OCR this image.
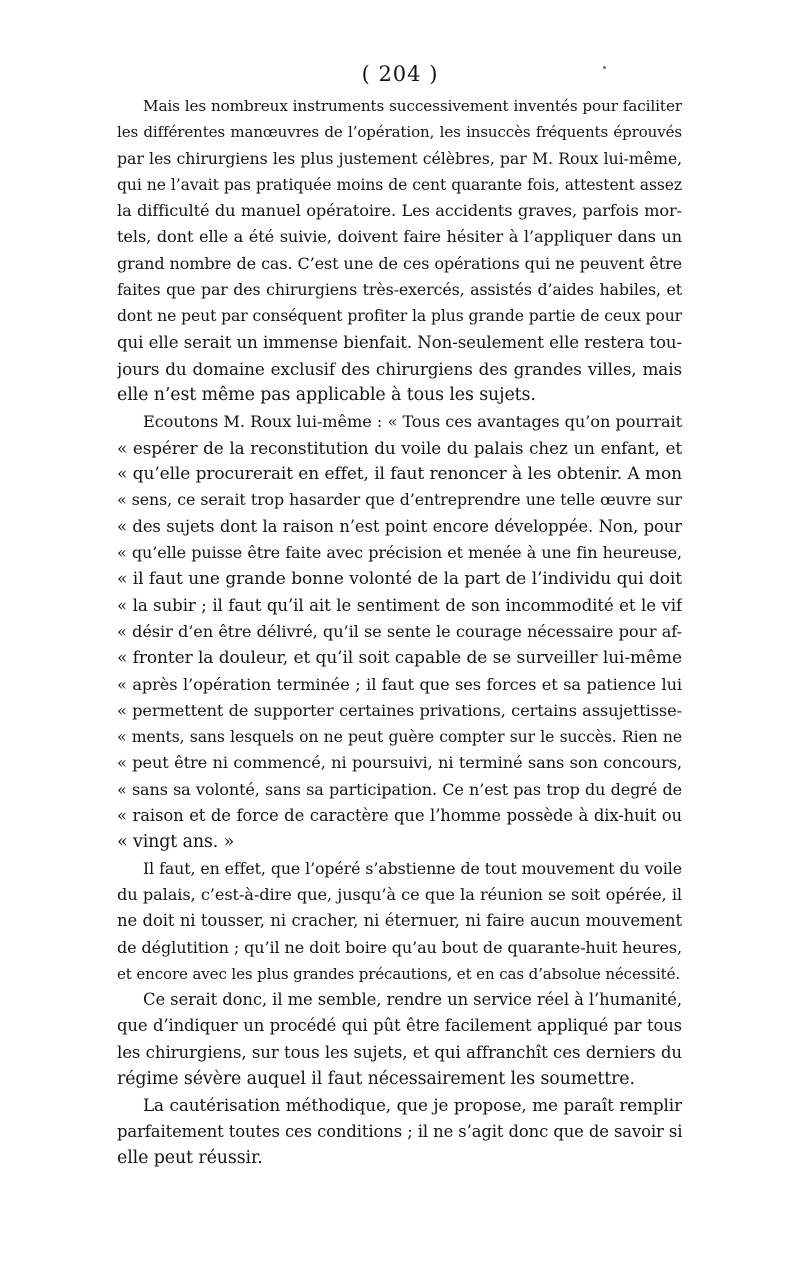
( 204 )
Mais les nombreux instruments successivement inventés pour faciliter
les différentes manœuvres de l’opération, les insuccès fréquents éprouvés
par les chirurgiens les plus justement célèbres, par M. Roux lui-même,
qui ne l’avait pas pratiquée moins de cent quarante fois, attestent assez
la difficulté du manuel opératoire. Les accidents graves, parfois mor-
tels, dont elle a été suivie, doivent faire hésiter à l’appliquer dans un
grand nombre de cas. C’est une de ces opérations qui ne peuvent être
faites que par des chirurgiens très-exercés, assistés d’aides habiles, et
dont ne peut par conséquent profiter la plus grande partie de ceux pour
qui elle serait un immense bienfait. Non-seulement elle restera tou-
jours du domaine exclusif des chirurgiens des grandes villes, mais
elle n’est même pas applicable à tous les sujets.
Ecoutons M. Roux lui-même : « Tous ces avantages qu’on pourrait
« espérer de la reconstitution du voile du palais chez un enfant, et
« qu’elle procurerait en effet, il faut renoncer à les obtenir. A mon
« sens, ce serait trop hasarder que d’entreprendre une telle œuvre sur
« des sujets dont la raison n’est point encore développée. Non, pour
« qu’elle puisse être faite avec précision et menée à une fin heureuse,
« il faut une grande bonne volonté de la part de l’individu qui doit
« la subir ; il faut qu’il ait le sentiment de son incommodité et le vif
« désir d’en être délivré, qu’il se sente le courage nécessaire pour af-
« fronter la douleur, et qu’il soit capable de se surveiller lui-même
« après l’opération terminée ; il faut que ses forces et sa patience lui
« permettent de supporter certaines privations, certains assujettisse-
« ments, sans lesquels on ne peut guère compter sur le succès. Rien ne
« peut être ni commencé, ni poursuivi, ni terminé sans son concours,
« sans sa volonté, sans sa participation. Ce n’est pas trop du degré de
« raison et de force de caractère que l’homme possède à dix-huit ou
« vingt ans. »
Il faut, en effet, que l’opéré s’abstienne de tout mouvement du voile
du palais, c’est-à-dire que, jusqu’à ce que la réunion se soit opérée, il
ne doit ni tousser, ni cracher, ni éternuer, ni faire aucun mouvement
de déglutition ; qu’il ne doit boire qu’au bout de quarante-huit heures,
et encore avec les plus grandes précautions, et en cas d’absolue nécessité.
Ce serait donc, il me semble, rendre un service réel à l’humanité,
que d’indiquer un procédé qui pût être facilement appliqué par tous
les chirurgiens, sur tous les sujets, et qui affranchît ces derniers du
régime sévère auquel il faut nécessairement les soumettre.
La cautérisation méthodique, que je propose, me paraît remplir
parfaitement toutes ces conditions ; il ne s’agit donc que de savoir si
elle peut réussir.
